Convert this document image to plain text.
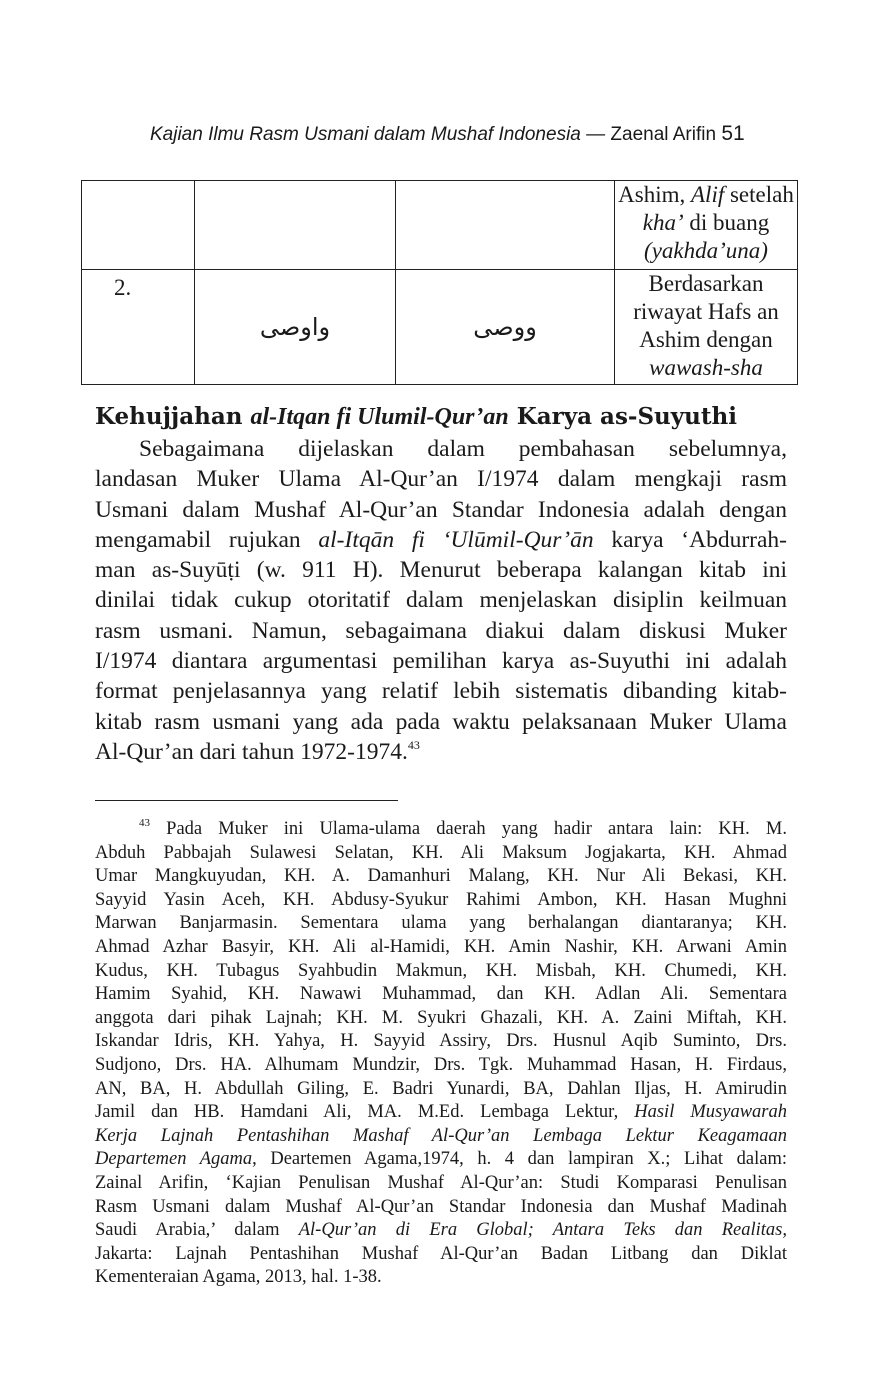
Kajian Ilmu Rasm Usmani dalam Mushaf Indonesia — Zaenal Arifin 51
			Ashim, Alif setelah
kha’ di buang
(yakhda’una)
2.	واوصى	ووصى	Berdasarkan
riwayat Hafs an
Ashim dengan
wawash-sha
Kehujjahan al-Itqan fi Ulumil-Qur’an Karya as-Suyuthi
Sebagaimana dijelaskan dalam pembahasan sebelumnya,
landasan Muker Ulama Al-Qur’an I/1974 dalam mengkaji rasm
Usmani dalam Mushaf Al-Qur’an Standar Indonesia adalah dengan
mengamabil rujukan al-Itqān fi ‘Ulūmil-Qur’ān karya ‘Abdurrah-
man as-Suyūṭi (w. 911 H). Menurut beberapa kalangan kitab ini
dinilai tidak cukup otoritatif dalam menjelaskan disiplin keilmuan
rasm usmani. Namun, sebagaimana diakui dalam diskusi Muker
I/1974 diantara argumentasi pemilihan karya as-Suyuthi ini adalah
format penjelasannya yang relatif lebih sistematis dibanding kitab-
kitab rasm usmani yang ada pada waktu pelaksanaan Muker Ulama
Al-Qur’an dari tahun 1972-1974.43
$^{43}$ Pada Muker ini Ulama-ulama daerah yang hadir antara lain: KH. M.
Abduh Pabbajah Sulawesi Selatan, KH. Ali Maksum Jogjakarta, KH. Ahmad
Umar Mangkuyudan, KH. A. Damanhuri Malang, KH. Nur Ali Bekasi, KH.
Sayyid Yasin Aceh, KH. Abdusy-Syukur Rahimi Ambon, KH. Hasan Mughni
Marwan Banjarmasin. Sementara ulama yang berhalangan diantaranya; KH.
Ahmad Azhar Basyir, KH. Ali al-Hamidi, KH. Amin Nashir, KH. Arwani Amin
Kudus, KH. Tubagus Syahbudin Makmun, KH. Misbah, KH. Chumedi, KH.
Hamim Syahid, KH. Nawawi Muhammad, dan KH. Adlan Ali. Sementara
anggota dari pihak Lajnah; KH. M. Syukri Ghazali, KH. A. Zaini Miftah, KH.
Iskandar Idris, KH. Yahya, H. Sayyid Assiry, Drs. Husnul Aqib Suminto, Drs.
Sudjono, Drs. HA. Alhumam Mundzir, Drs. Tgk. Muhammad Hasan, H. Firdaus,
AN, BA, H. Abdullah Giling, E. Badri Yunardi, BA, Dahlan Iljas, H. Amirudin
Jamil dan HB. Hamdani Ali, MA. M.Ed. Lembaga Lektur, Hasil Musyawarah
Kerja Lajnah Pentashihan Mashaf Al-Qur’an Lembaga Lektur Keagamaan
Departemen Agama, Deartemen Agama,1974, h. 4 dan lampiran X.; Lihat dalam:
Zainal Arifin, ‘Kajian Penulisan Mushaf Al-Qur’an: Studi Komparasi Penulisan
Rasm Usmani dalam Mushaf Al-Qur’an Standar Indonesia dan Mushaf Madinah
Saudi Arabia,’ dalam Al-Qur’an di Era Global; Antara Teks dan Realitas,
Jakarta: Lajnah Pentashihan Mushaf Al-Qur’an Badan Litbang dan Diklat
Kementeraian Agama, 2013, hal. 1-38.
